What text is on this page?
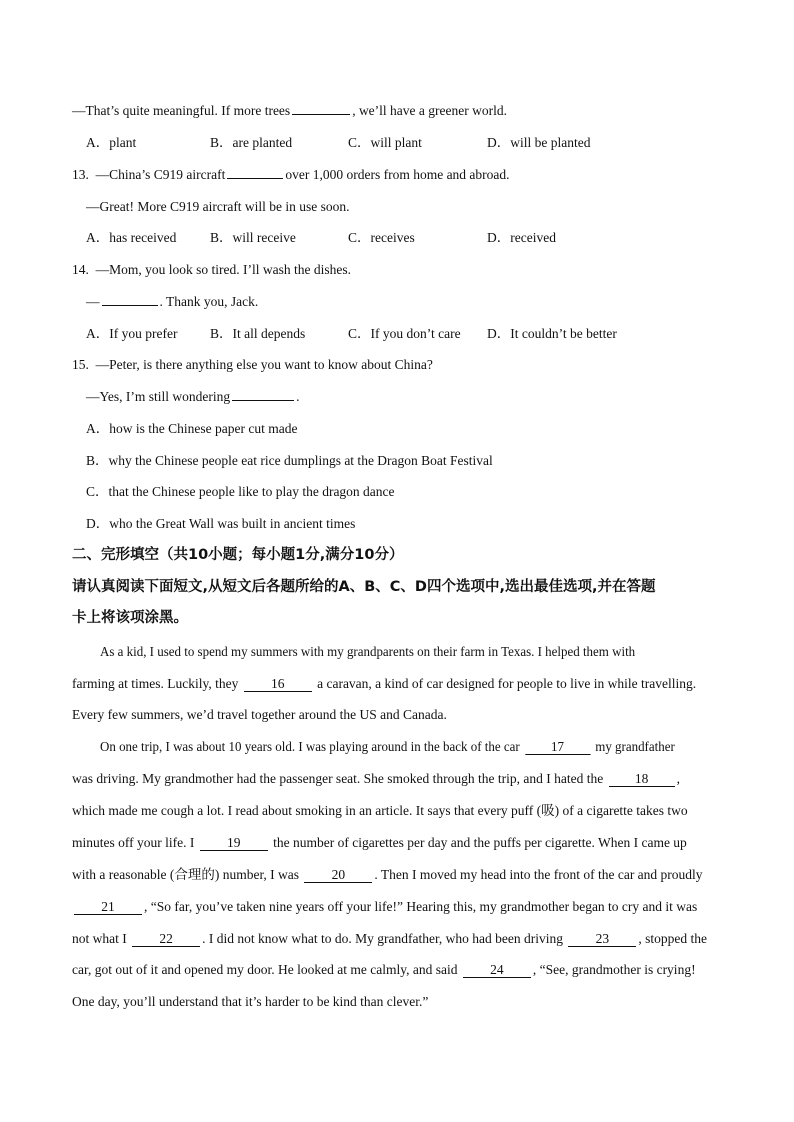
—That’s quite meaningful. If more trees	, we’ll have a greener world.
A．plant	B．are planted	C．will plant	D．will be planted
13. —China’s C919 aircraft	over 1,000 orders from home and abroad.
—Great! More C919 aircraft will be in use soon.
A．has received B．will receive	C．receives	D．received
14. —Mom, you look so tired. I’ll wash the dishes.
—	. Thank you, Jack.
A．If you prefer B．It all depends	C．If you don’t care D．It couldn’t be better
15. —Peter, is there anything else you want to know about China?
—Yes, I’m still wondering	.
A．how is the Chinese paper cut made
B．why the Chinese people eat rice dumplings at the Dragon Boat Festival
C．that the Chinese people like to play the dragon dance
D．who the Great Wall was built in ancient times
二、完形填空（共10小题；每小题1分,满分10分）
请认真阅读下面短文,从短文后各题所给的A、B、C、D四个选项中,选出最佳选项,并在答题
卡上将该项涂黑。
As a kid, I used to spend my summers with my grandparents on their farm in Texas. I helped them with
farming at times. Luckily, they 16 a caravan, a kind of car designed for people to live in while travelling.
Every few summers, we’d travel together around the US and Canada.
On one trip, I was about 10 years old. I was playing around in the back of the car 17 my grandfather
was driving. My grandmother had the passenger seat. She smoked through the trip, and I hated the 18 ,
which made me cough a lot. I read about smoking in an article. It says that every puff (吸) of a cigarette takes two
minutes off your life. I 19 the number of cigarettes per day and the puffs per cigarette. When I came up
with a reasonable (合理的) number, I was 20 . Then I moved my head into the front of the car and proudly
21 , “So far, you’ve taken nine years off your life!” Hearing this, my grandmother began to cry and it was
not what I 22 . I did not know what to do. My grandfather, who had been driving 23 , stopped the
car, got out of it and opened my door. He looked at me calmly, and said 24 , “See, grandmother is crying!
One day, you’ll understand that it’s harder to be kind than clever.”
